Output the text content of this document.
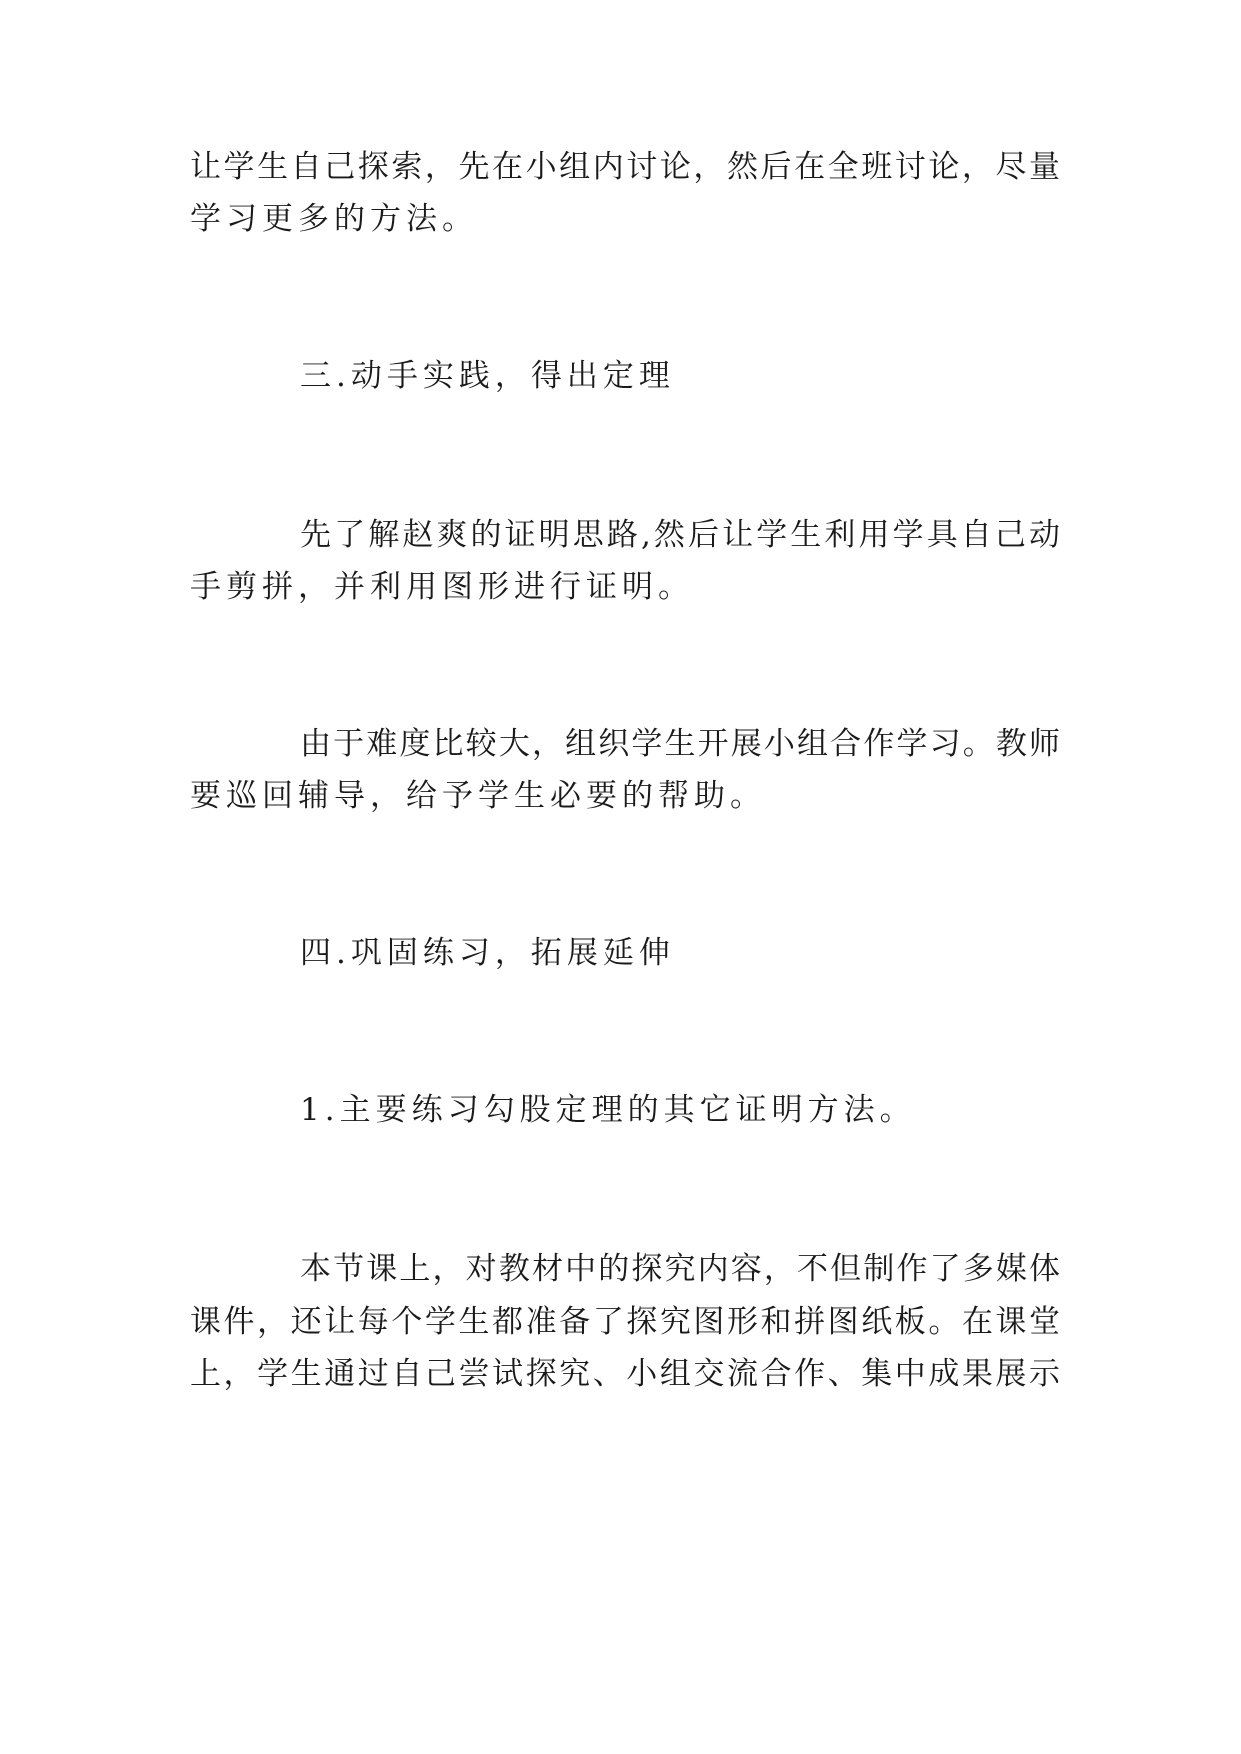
让学生自己探索，先在小组内讨论，然后在全班讨论，尽量
学习更多的方法。
三.动手实践，得出定理
先了解赵爽的证明思路,然后让学生利用学具自己动
手剪拼，并利用图形进行证明。
由于难度比较大，组织学生开展小组合作学习。教师
要巡回辅导，给予学生必要的帮助。
四.巩固练习，拓展延伸
1.主要练习勾股定理的其它证明方法。
本节课上，对教材中的探究内容，不但制作了多媒体
课件，还让每个学生都准备了探究图形和拼图纸板。在课堂
上，学生通过自己尝试探究、小组交流合作、集中成果展示
